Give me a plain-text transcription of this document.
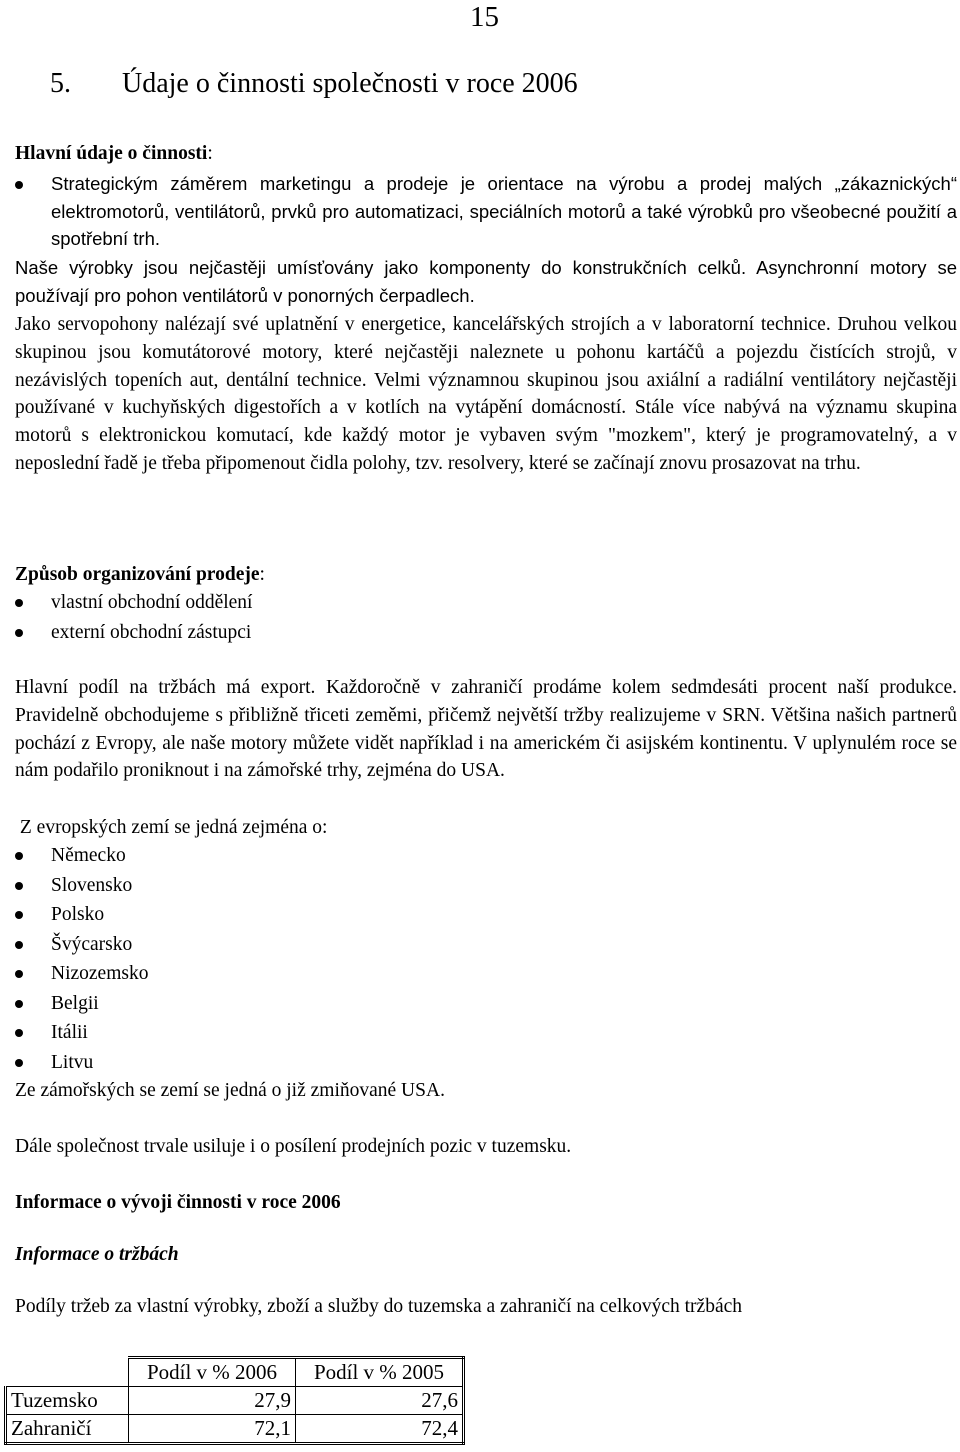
15
5. Údaje o činnosti společnosti v roce 2006
Hlavní údaje o činnosti:
Strategickým záměrem marketingu a prodeje je orientace na výrobu a prodej malých „zákaznických“ elektromotorů, ventilátorů, prvků pro automatizaci, speciálních motorů a také výrobků pro všeobecné použití a spotřební trh.
Naše výrobky jsou nejčastěji umísťovány jako komponenty do konstrukčních celků. Asynchronní motory se používají pro pohon ventilátorů v ponorných čerpadlech.
Jako servopohony nalézají své uplatnění v energetice, kancelářských strojích a v laboratorní technice. Druhou velkou skupinou jsou komutátorové motory, které nejčastěji naleznete u pohonu kartáčů a pojezdu čistících strojů, v nezávislých topeních aut, dentální technice. Velmi významnou skupinou jsou axiální a radiální ventilátory nejčastěji používané v kuchyňských digestořích a v kotlích na vytápění domácností. Stále více nabývá na významu skupina motorů s elektronickou komutací, kde každý motor je vybaven svým "mozkem", který je programovatelný, a v neposlední řadě je třeba připomenout čidla polohy, tzv. resolvery, které se začínají znovu prosazovat na trhu.
Způsob organizování prodeje:
vlastní obchodní oddělení
externí obchodní zástupci
Hlavní podíl na tržbách má export. Každoročně v zahraničí prodáme kolem sedmdesáti procent naší produkce. Pravidelně obchodujeme s přibližně třiceti zeměmi, přičemž největší tržby realizujeme v SRN. Většina našich partnerů pochází z Evropy, ale naše motory můžete vidět například i na americkém či asijském kontinentu. V uplynulém roce se nám podařilo proniknout i na zámořské trhy, zejména do USA.
Z evropských zemí se jedná zejména o:
Německo
Slovensko
Polsko
Švýcarsko
Nizozemsko
Belgii
Itálii
Litvu
Ze zámořských se zemí se jedná o již zmiňované USA.
Dále společnost trvale usiluje i o posílení prodejních pozic v tuzemsku.
Informace o vývoji činnosti v roce 2006
Informace o tržbách
Podíly tržeb za vlastní výrobky, zboží a služby do tuzemska a zahraničí na celkových tržbách
	Podíl v % 2006	Podíl v % 2005
Tuzemsko	27,9	27,6
Zahraničí	72,1	72,4
